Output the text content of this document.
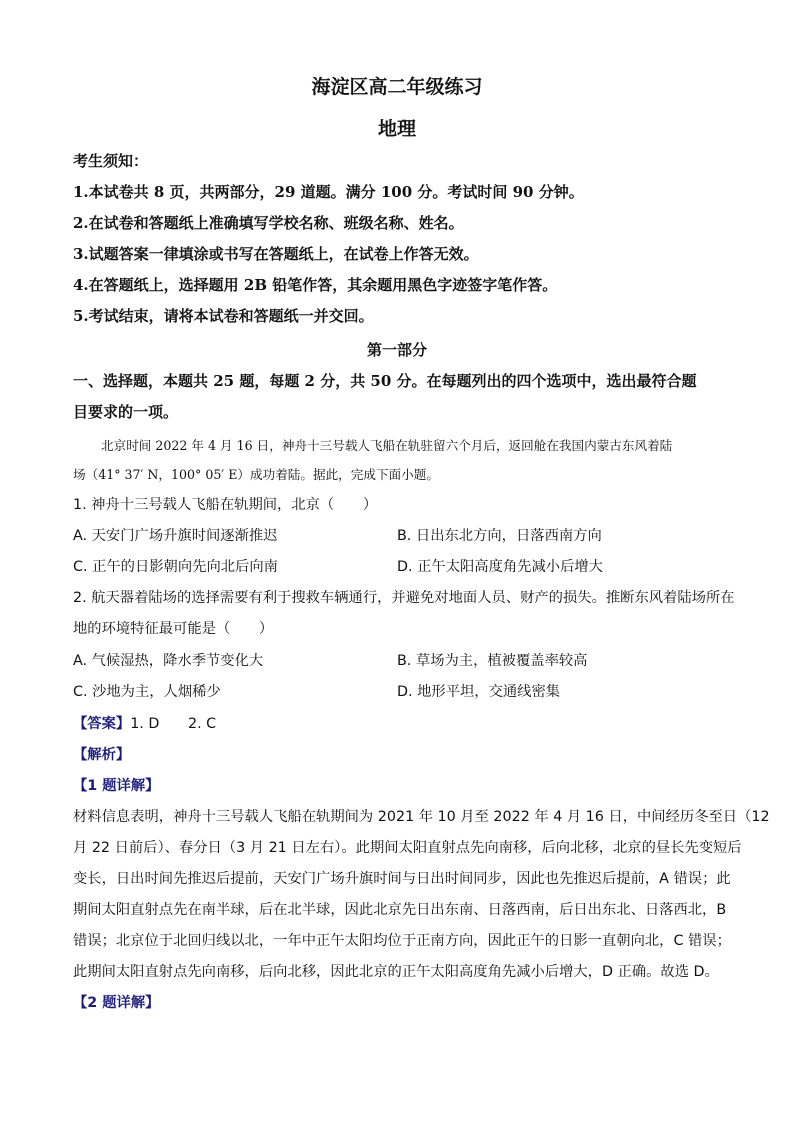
海淀区高二年级练习
地理
考生须知：
1.本试卷共 8 页，共两部分，29 道题。满分 100 分。考试时间 90 分钟。
2.在试卷和答题纸上准确填写学校名称、班级名称、姓名。
3.试题答案一律填涂或书写在答题纸上，在试卷上作答无效。
4.在答题纸上，选择题用 2B 铅笔作答，其余题用黑色字迹签字笔作答。
5.考试结束，请将本试卷和答题纸一并交回。
第一部分
一、选择题，本题共 25 题，每题 2 分，共 50 分。在每题列出的四个选项中，选出最符合题
目要求的一项。
北京时间 2022 年 4 月 16 日，神舟十三号载人飞船在轨驻留六个月后，返回舱在我国内蒙古东风着陆
场（41° 37′ N，100° 05′ E）成功着陆。据此，完成下面小题。
1. 神舟十三号载人飞船在轨期间，北京（　　）
A. 天安门广场升旗时间逐渐推迟	B. 日出东北方向，日落西南方向
C. 正午的日影朝向先向北后向南	D. 正午太阳高度角先减小后增大
2. 航天器着陆场的选择需要有利于搜救车辆通行，并避免对地面人员、财产的损失。推断东风着陆场所在
地的环境特征最可能是（　　）
A. 气候湿热，降水季节变化大	B. 草场为主，植被覆盖率较高
C. 沙地为主，人烟稀少	D. 地形平坦，交通线密集
【答案】1. D　　2. C
【解析】
【1 题详解】
材料信息表明，神舟十三号载人飞船在轨期间为 2021 年 10 月至 2022 年 4 月 16 日，中间经历冬至日（12
月 22 日前后）、春分日（3 月 21 日左右）。此期间太阳直射点先向南移，后向北移，北京的昼长先变短后
变长，日出时间先推迟后提前，天安门广场升旗时间与日出时间同步，因此也先推迟后提前，A 错误；此
期间太阳直射点先在南半球，后在北半球，因此北京先日出东南、日落西南，后日出东北、日落西北，B
错误；北京位于北回归线以北，一年中正午太阳均位于正南方向，因此正午的日影一直朝向北，C 错误；
此期间太阳直射点先向南移，后向北移，因此北京的正午太阳高度角先减小后增大，D 正确。故选 D。
【2 题详解】
